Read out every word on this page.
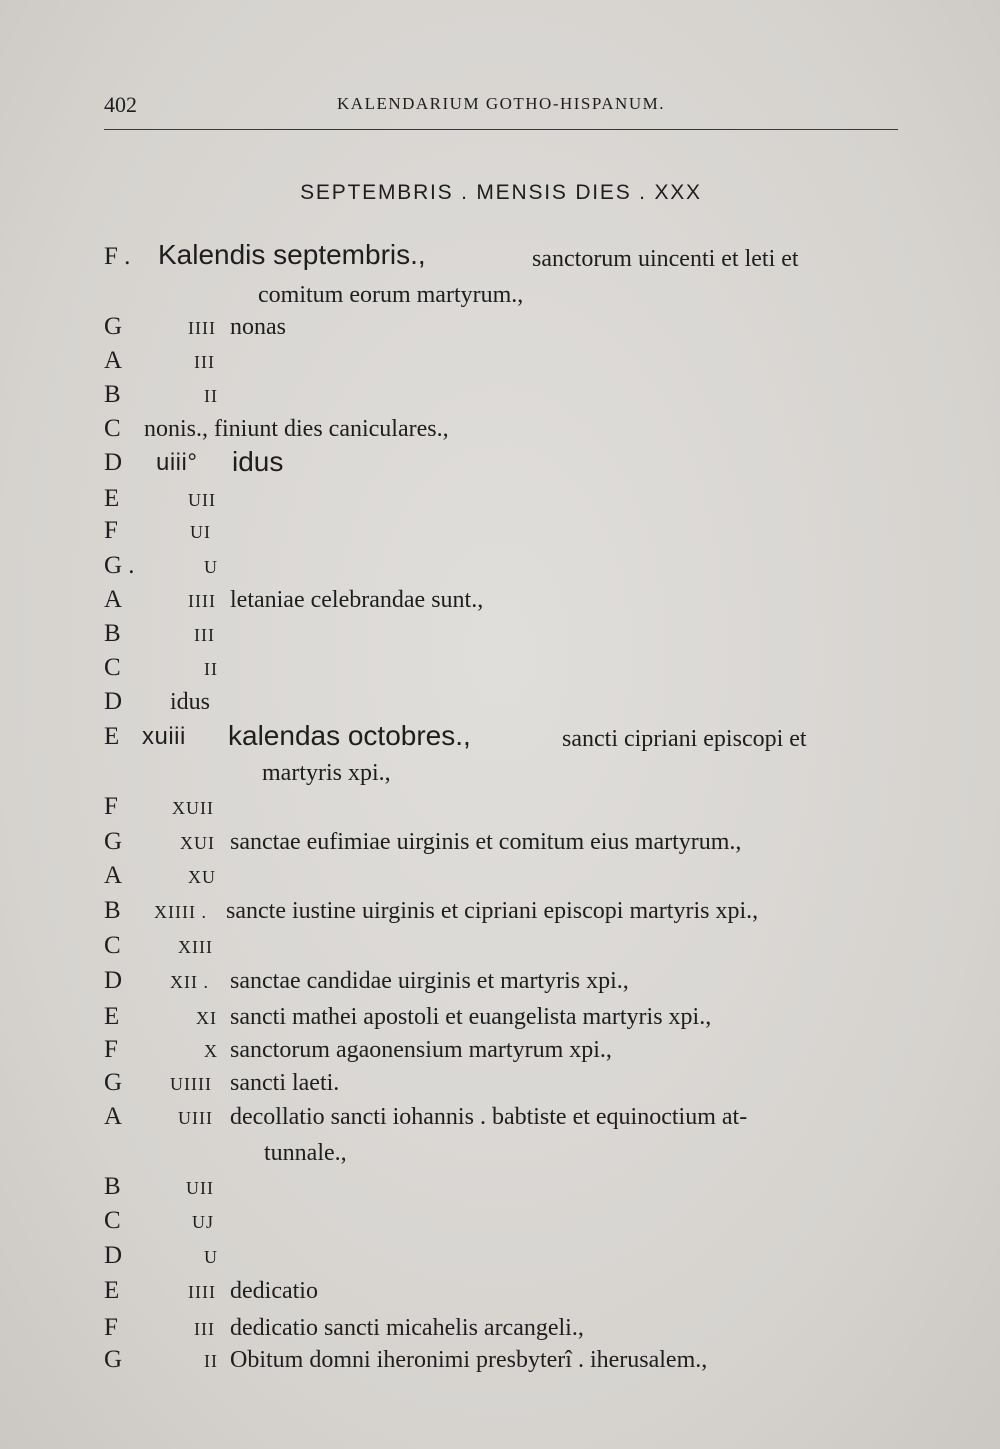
402	KALENDARIUM GOTHO-HISPANUM.
SEPTEMBRIS . MENSIS DIES . XXX
F . Kalendis septembris.,	sanctorum uincenti et leti et
comitum eorum martyrum.,
G	IIII nonas
A	III
B	II
C nonis., finiunt dies caniculares.,
D	uiii° idus
E	UII
F	UI
G .	U
A	IIII letaniae celebrandae sunt.,
B	III
C	II
D	idus
E xuiii kalendas octobres.,	sancti cipriani episcopi et
martyris xpi.,
F	XUII
G	XUI sanctae eufimiae uirginis et comitum eius martyrum.,
A	XU
B	XIIII . sancte iustine uirginis et cipriani episcopi martyris xpi.,
C	XIII
D	XII . sanctae candidae uirginis et martyris xpi.,
E	XI sancti mathei apostoli et euangelista martyris xpi.,
F	X sanctorum agaonensium martyrum xpi.,
G	UIIII sancti laeti.
A	UIII decollatio sancti iohannis . babtiste et equinoctium at-
tunnale.,
B	UII
C	UJ
D	U
E	IIII dedicatio
F	III dedicatio sancti micahelis arcangeli.,
G	II Obitum domni iheronimi presbyterî . iherusalem.,
